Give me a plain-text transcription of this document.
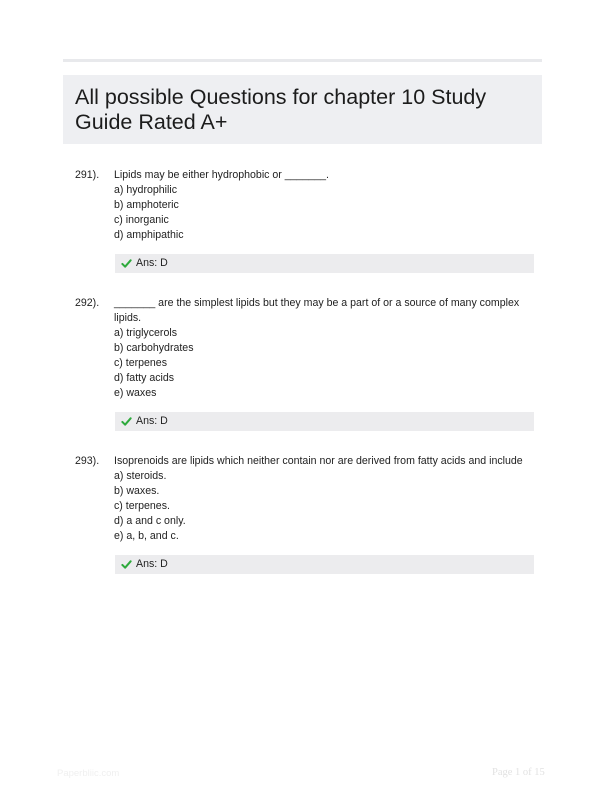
All possible Questions for chapter 10 Study Guide Rated A+
291). Lipids may be either hydrophobic or _______.

a) hydrophilic

b) amphoteric

c) inorganic

d) amphipathic

Ans: D
292). _______ are the simplest lipids but they may be a part of or a source of many complex lipids.

a) triglycerols

b) carbohydrates

c) terpenes

d) fatty acids

e) waxes

Ans: D
293). Isoprenoids are lipids which neither contain nor are derived from fatty acids and include

a) steroids.

b) waxes.

c) terpenes.

d) a and c only.

e) a, b, and c.

Ans: D
Paperbliic.com	Page 1 of 15
